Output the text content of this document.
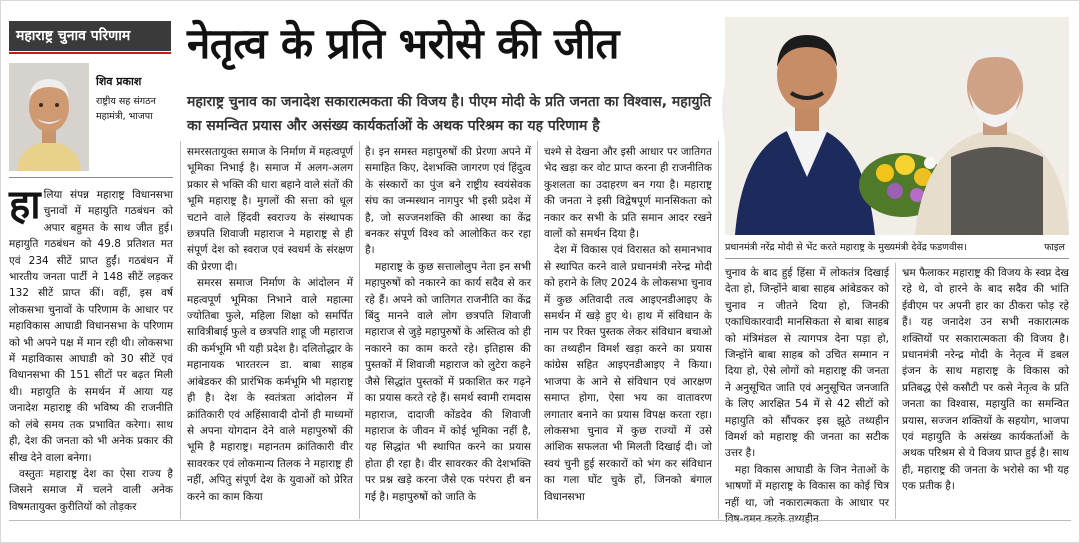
महाराष्ट्र चुनाव परिणाम
शिव प्रकाश
राष्ट्रीय सह संगठन महामंत्री, भाजपा
नेतृत्व के प्रति भरोसे की जीत
महाराष्ट्र चुनाव का जनादेश सकारात्मकता की विजय है। पीएम मोदी के प्रति जनता का विश्वास, महायुति का समन्वित प्रयास और असंख्य कार्यकर्ताओं के अथक परिश्रम का यह परिणाम है
प्रधानमंत्री नरेंद्र मोदी से भेंट करते महाराष्ट्र के मुख्यमंत्री देवेंद्र फडणवीस।	फाइल

हालिया संपन्न महाराष्ट्र विधानसभा चुनावों में महायुति गठबंधन को अपार बहुमत के साथ जीत हुई। महायुति गठबंधन को 49.8 प्रतिशत मत एवं 234 सीटें प्राप्त हुईं। गठबंधन में भारतीय जनता पार्टी ने 148 सीटें लड़कर 132 सीटें प्राप्त कीं। वहीं, इस वर्ष लोकसभा चुनावों के परिणाम के आधार पर महाविकास आघाडी विधानसभा के परिणाम को भी अपने पक्ष में मान रही थी। लोकसभा में महाविकास आघाडी को 30 सीटें एवं विधानसभा की 151 सीटों पर बढ़त मिली थी। महायुति के समर्थन में आया यह जनादेश महाराष्ट्र की भविष्य की राजनीति को लंबे समय तक प्रभावित करेगा। साथ ही, देश की जनता को भी अनेक प्रकार की सीख देने वाला बनेगा।

वस्तुतः महाराष्ट्र देश का ऐसा राज्य है जिसने समाज में चलने वाली अनेक विषमतायुक्त कुरीतियों को तोड़कर

समरसतायुक्त समाज के निर्माण में महत्वपूर्ण भूमिका निभाई है। समाज में अलग-अलग प्रकार से भक्ति की धारा बहाने वाले संतों की भूमि महाराष्ट्र है। मुगलों की सत्ता को धूल चटाने वाले हिंदवी स्वराज्य के संस्थापक छत्रपति शिवाजी महाराज ने महाराष्ट्र से ही संपूर्ण देश को स्वराज एवं स्वधर्म के संरक्षण की प्रेरणा दी।

समरस समाज निर्माण के आंदोलन में महत्वपूर्ण भूमिका निभाने वाले महात्मा ज्योतिबा फुले, महिला शिक्षा को समर्पित सावित्रीबाई फुले व छत्रपति शाहू जी महाराज की कर्मभूमि भी यही प्रदेश है। दलितोद्धार के महानायक भारतरत्न डा. बाबा साहब आंबेडकर की प्रारंभिक कर्मभूमि भी महाराष्ट्र ही है। देश के स्वतंत्रता आंदोलन में क्रांतिकारी एवं अहिंसावादी दोनों ही माध्यमों से अपना योगदान देने वाले महापुरुषों की भूमि है महाराष्ट्र। महानतम क्रांतिकारी वीर सावरकर एवं लोकमान्य तिलक ने महाराष्ट्र ही नहीं, अपितु संपूर्ण देश के युवाओं को प्रेरित करने का काम किया

है। इन समस्त महापुरुषों की प्रेरणा अपने में समाहित किए, देशभक्ति जागरण एवं हिंदुत्व के संस्कारों का पुंज बने राष्ट्रीय स्वयंसेवक संघ का जन्मस्थान नागपुर भी इसी प्रदेश में है, जो सज्जनशक्ति की आस्था का केंद्र बनकर संपूर्ण विश्व को आलोकित कर रहा है।

महाराष्ट्र के कुछ सत्तालोलुप नेता इन सभी महापुरुषों को नकारने का कार्य सदैव से कर रहे हैं। अपने को जातिगत राजनीति का केंद्र बिंदु मानने वाले लोग छत्रपति शिवाजी महाराज से जुड़े महापुरुषों के अस्तित्व को ही नकारने का काम करते रहे। इतिहास की पुस्तकों में शिवाजी महाराज को लुटेरा कहने जैसे सिद्धांत पुस्तकों में प्रकाशित कर गढ़ने का प्रयास करते रहे हैं। समर्थ स्वामी रामदास महाराज, दादाजी कोंडदेव की शिवाजी महाराज के जीवन में कोई भूमिका नहीं है, यह सिद्धांत भी स्थापित करने का प्रयास होता ही रहा है। वीर सावरकर की देशभक्ति पर प्रश्न खड़े करना जैसे एक परंपरा ही बन गई है। महापुरुषों को जाति के

चश्मे से देखना और इसी आधार पर जातिगत भेद खड़ा कर वोट प्राप्त करना ही राजनीतिक कुशलता का उदाहरण बन गया है। महाराष्ट्र की जनता ने इसी विद्वेषपूर्ण मानसिकता को नकार कर सभी के प्रति समान आदर रखने वालों को समर्थन दिया है।

देश में विकास एवं विरासत को समानभाव से स्थापित करने वाले प्रधानमंत्री नरेन्द्र मोदी को हराने के लिए 2024 के लोकसभा चुनाव में कुछ अतिवादी तत्व आइएनडीआइए के समर्थन में खड़े हुए थे। हाथ में संविधान के नाम पर रिक्त पुस्तक लेकर संविधान बचाओ का तथ्यहीन विमर्श खड़ा करने का प्रयास कांग्रेस सहित आइएनडीआइए ने किया। भाजपा के आने से संविधान एवं आरक्षण समाप्त होगा, ऐसा भय का वातावरण लगातार बनाने का प्रयास विपक्ष करता रहा। लोकसभा चुनाव में कुछ राज्यों में उसे आंशिक सफलता भी मिलती दिखाई दी। जो स्वयं चुनी हुई सरकारों को भंग कर संविधान का गला घोंट चुके हों, जिनको बंगाल विधानसभा

चुनाव के बाद हुई हिंसा में लोकतंत्र दिखाई देता हो, जिन्होंने बाबा साहब आंबेडकर को चुनाव न जीतने दिया हो, जिनकी एकाधिकारवादी मानसिकता से बाबा साहब को मंत्रिमंडल से त्यागपत्र देना पड़ा हो, जिन्होंने बाबा साहब को उचित सम्मान न दिया हो, ऐसे लोगों को महाराष्ट्र की जनता ने अनुसूचित जाति एवं अनुसूचित जनजाति के लिए आरक्षित 54 में से 42 सीटों को महायुति को सौंपकर इस झूठे तथ्यहीन विमर्श को महाराष्ट्र की जनता का सटीक उत्तर है।

महा विकास आघाडी के जिन नेताओं के भाषणों में महाराष्ट्र के विकास का कोई चित्र नहीं था, जो नकारात्मकता के आधार पर

भ्रम फैलाकर महाराष्ट्र की विजय के स्वप्न देख रहे थे, वो हारने के बाद सदैव की भांति ईवीएम पर अपनी हार का ठीकरा फोड़ रहे हैं। यह जनादेश उन सभी नकारात्मक शक्तियों पर सकारात्मकता की विजय है। प्रधानमंत्री नरेन्द्र मोदी के नेतृत्व में डबल इंजन के साथ महाराष्ट्र के विकास को प्रतिबद्ध ऐसे कसौटी पर कसे नेतृत्व के प्रति जनता का विश्वास, महायुति का समन्वित प्रयास, सज्जन शक्तियों के सहयोग, भाजपा एवं महायुति के असंख्य कार्यकर्ताओं के अथक परिश्रम से ये विजय प्राप्त हुई है। साथ ही, महाराष्ट्र की जनता के भरोसे का भी यह एक प्रतीक है।
